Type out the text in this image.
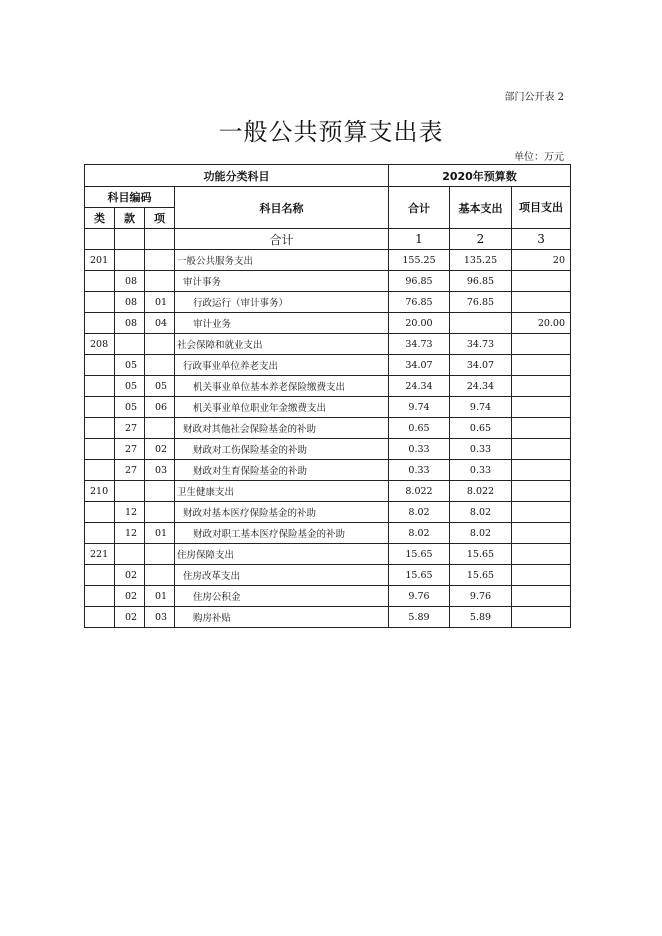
部门公开表 2
一般公共预算支出表
单位：万元
功能分类科目				2020年预算数		
科目编码			科目名称	合计	基本支出	项目支出
类	款	项				
			合计	1	2	3
201			一般公共服务支出	155.25	135.25	20
	08		审计事务	96.85	96.85	
	08	01	行政运行（审计事务）	76.85	76.85	
	08	04	审计业务	20.00		20.00
208			社会保障和就业支出	34.73	34.73	
	05		行政事业单位养老支出	34.07	34.07	
	05	05	机关事业单位基本养老保险缴费支出	24.34	24.34	
	05	06	机关事业单位职业年金缴费支出	9.74	9.74	
	27		财政对其他社会保险基金的补助	0.65	0.65	
	27	02	财政对工伤保险基金的补助	0.33	0.33	
	27	03	财政对生育保险基金的补助	0.33	0.33	
210			卫生健康支出	8.022	8.022	
	12		财政对基本医疗保险基金的补助	8.02	8.02	
	12	01	财政对职工基本医疗保险基金的补助	8.02	8.02	
221			住房保障支出	15.65	15.65	
	02		住房改革支出	15.65	15.65	
	02	01	住房公积金	9.76	9.76	
	02	03	购房补贴	5.89	5.89	
